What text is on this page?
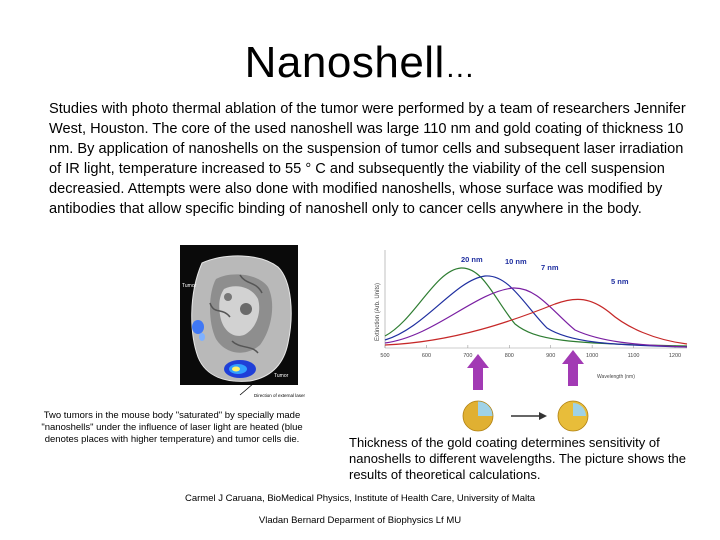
Nanoshell…
Studies with photo thermal ablation of the tumor were performed by a team of researchers Jennifer West, Houston. The core of the used nanoshell was large 110 nm and gold coating of thickness 10 nm. By application of nanoshells on the suspension of tumor cells and subsequent laser irradiation of IR light, temperature increased to 55 ° C and subsequently the viability of the cell suspension decreasied. Attempts were also done with modified nanoshells, whose surface was modified by antibodies that allow specific binding of nanoshell only to cancer cells anywhere in the body.
Tumor
Tumor
Direction of external laser
Two tumors in the mouse body "saturated" by specially made "nanoshells" under the influence of laser light are heated (blue denotes places with higher temperature) and tumor cells die.
Extinction (Arb. Units)
500	600	700	800	900	1000	1100	1200
20 nm	10 nm
7 nm
5 nm
Wavelength (nm)
Thickness of the gold coating determines sensitivity of nanoshells to different wavelengths. The picture shows the results of theoretical calculations.
Carmel J Caruana, BioMedical Physics, Institute of Health Care, University of Malta
Vladan Bernard Deparment of Biophysics Lf MU
